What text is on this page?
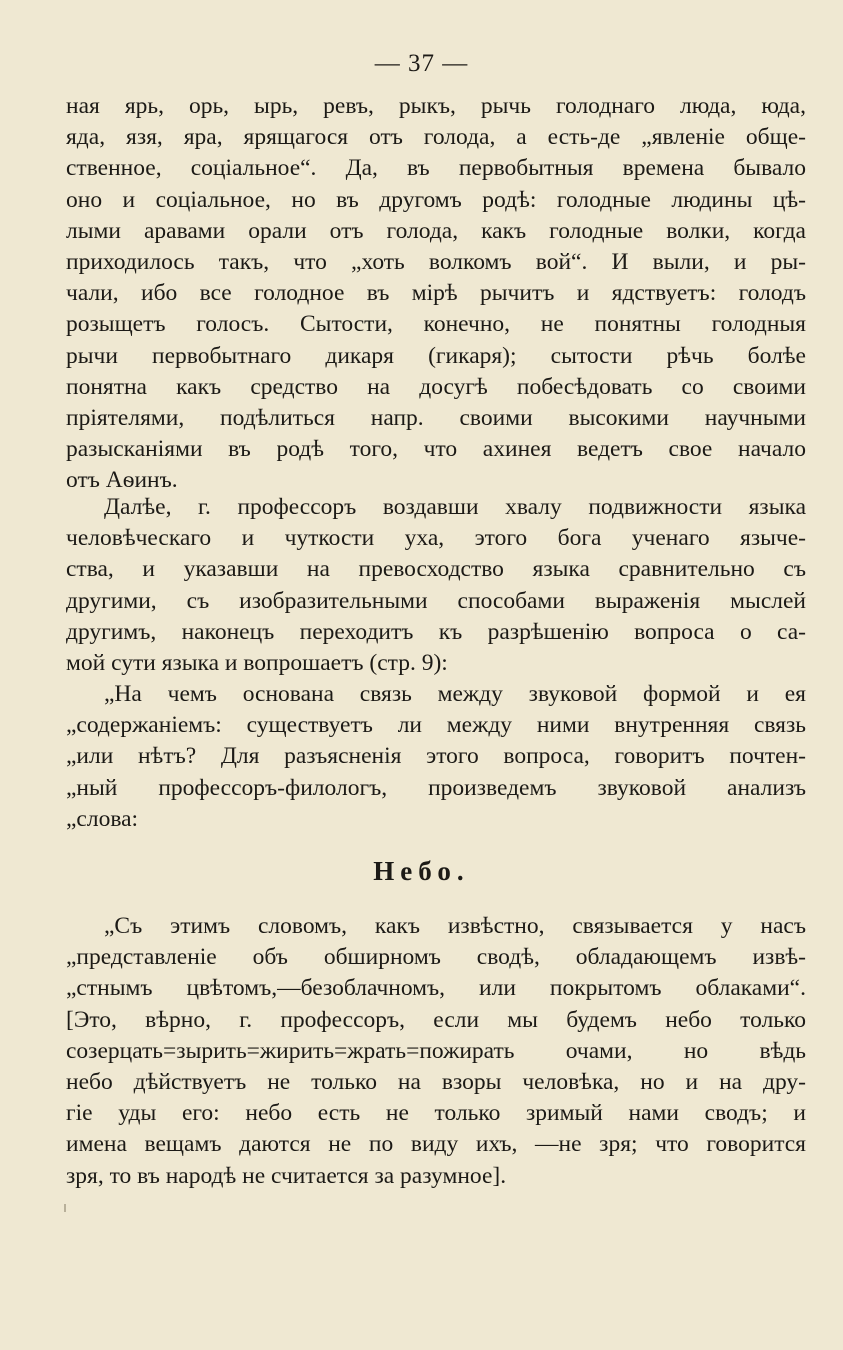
— 37 —
ная ярь, орь, ырь, ревъ, рыкъ, рычь голоднаго люда, юда,
яда, язя, яра, ярящагося отъ голода, а есть-де „явленіе обще-
ственное, соціальное“. Да, въ первобытныя времена бывало
оно и соціальное, но въ другомъ родѣ: голодные людины цѣ-
лыми аравами орали отъ голода, какъ голодные волки, когда
приходилось такъ, что „хоть волкомъ вой“. И выли, и ры-
чали, ибо все голодное въ мірѣ рычитъ и ядствуетъ: голодъ
розыщетъ голосъ. Сытости, конечно, не понятны голодныя
рычи первобытнаго дикаря (гикаря); сытости рѣчь болѣе
понятна какъ средство на досугѣ побесѣдовать со своими
пріятелями, подѣлиться напр. своими высокими научными
разысканіями въ родѣ того, что ахинея ведетъ свое начало
отъ Аѳинъ.
Далѣе, г. профессоръ воздавши хвалу подвижности языка
человѣческаго и чуткости уха, этого бога ученаго языче-
ства, и указавши на превосходство языка сравнительно съ
другими, съ изобразительными способами выраженія мыслей
другимъ, наконецъ переходитъ къ разрѣшенію вопроса о са-
мой сути языка и вопрошаетъ (стр. 9):
„На чемъ основана связь между звуковой формой и ея
„содержаніемъ: существуетъ ли между ними внутренняя связь
„или нѣтъ? Для разъясненія этого вопроса, говоритъ почтен-
„ный профессоръ-филологъ, произведемъ звуковой анализъ
„слова:
Небо.
„Съ этимъ словомъ, какъ извѣстно, связывается у насъ
„представленіе объ обширномъ сводѣ, обладающемъ извѣ-
„стнымъ цвѣтомъ,—безоблачномъ, или покрытомъ облаками“.
[Это, вѣрно, г. профессоръ, если мы будемъ небо только
созерцать=зырить=жирить=жрать=пожирать очами, но вѣдь
небо дѣйствуетъ не только на взоры человѣка, но и на дру-
гіе уды его: небо есть не только зримый нами сводъ; и
имена вещамъ даются не по виду ихъ, —не зря; что говорится
зря, то въ народѣ не считается за разумное].
